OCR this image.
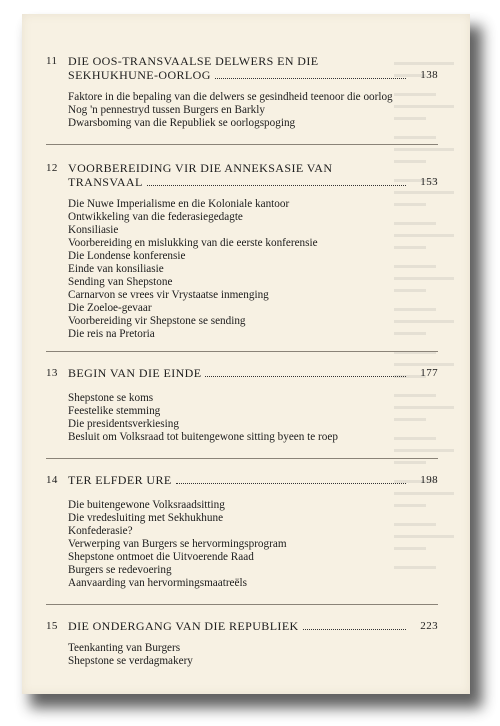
11 DIE OOS-TRANSVAALSE DELWERS EN DIE
SEKHUKHUNE-OORLOG	138
Faktore in die bepaling van die delwers se gesindheid teenoor die oorlog
Nog 'n pennestryd tussen Burgers en Barkly
Dwarsboming van die Republiek se oorlogspoging
12 VOORBEREIDING VIR DIE ANNEKSASIE VAN
TRANSVAAL	153
Die Nuwe Imperialisme en die Koloniale kantoor
Ontwikkeling van die federasiegedagte
Konsiliasie
Voorbereiding en mislukking van die eerste konferensie
Die Londense konferensie
Einde van konsiliasie
Sending van Shepstone
Carnarvon se vrees vir Vrystaatse inmenging
Die Zoeloe-gevaar
Voorbereiding vir Shepstone se sending
Die reis na Pretoria
13 BEGIN VAN DIE EINDE	177
Shepstone se koms
Feestelike stemming
Die presidentsverkiesing
Besluit om Volksraad tot buitengewone sitting byeen te roep
14 TER ELFDER URE	198
Die buitengewone Volksraadsitting
Die vredesluiting met Sekhukhune
Konfederasie?
Verwerping van Burgers se hervormingsprogram
Shepstone ontmoet die Uitvoerende Raad
Burgers se redevoering
Aanvaarding van hervormingsmaatreëls
15 DIE ONDERGANG VAN DIE REPUBLIEK	223
Teenkanting van Burgers
Shepstone se verdagmakery
